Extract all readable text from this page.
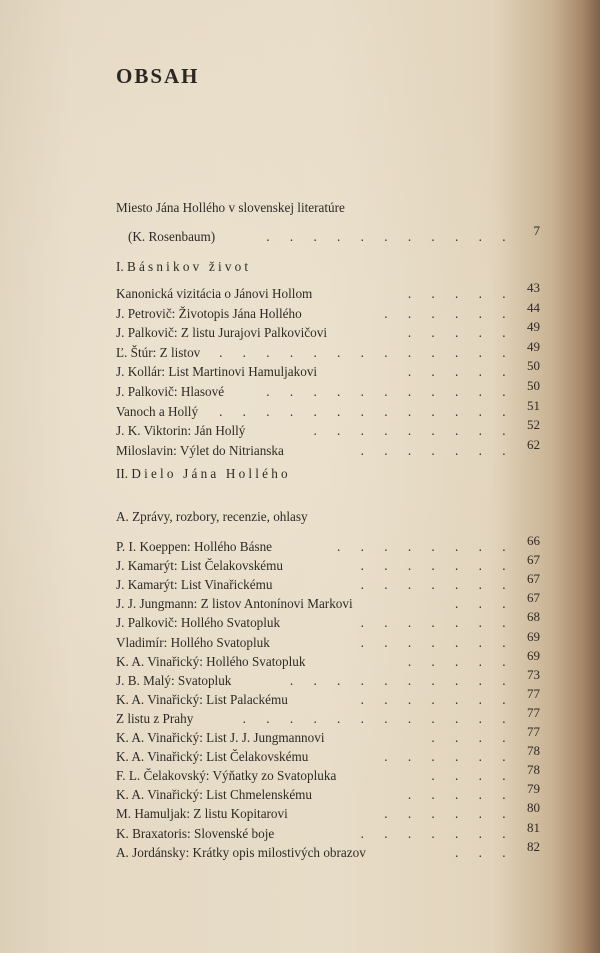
OBSAH
Miesto Jána Hollého v slovenskej literatúre
(K. Rosenbaum)	. . . . . . . . . . . 7
I. Básnikov život
Kanonická vizitácia o Jánovi Hollom	. . . . . 43
J. Petrovič: Životopis Jána Hollého	. . . . . . 44
J. Palkovič: Z listu Jurajovi Palkovičovi	. . . . . 49
Ľ. Štúr: Z listov . . . . . . . . . . . . . 49
J. Kollár: List Martinovi Hamuljakovi	. . . . . 50
J. Palkovič: Hlasové	. . . . . . . . . . . 50
Vanoch a Hollý . . . . . . . . . . . . . 51
J. K. Viktorin: Ján Hollý	. . . . . . . . . 52
Miloslavin: Výlet do Nitrianska	. . . . . . . 62
II. Dielo Jána Hollého
A. Zprávy, rozbory, recenzie, ohlasy
P. I. Koeppen: Hollého Básne	. . . . . . . . 66
J. Kamarýt: List Čelakovskému	. . . . . . . 67
J. Kamarýt: List Vinařickému	. . . . . . . 67
J. J. Jungmann: Z listov Antonínovi Markovi	. . . 67
J. Palkovič: Hollého Svatopluk	. . . . . . . 68
Vladimír: Hollého Svatopluk	. . . . . . . 69
K. A. Vinařický: Hollého Svatopluk	. . . . . 69
J. B. Malý: Svatopluk	. . . . . . . . . . 73
K. A. Vinařický: List Palackému	. . . . . . . 77
Z listu z Prahy	. . . . . . . . . . . . 77
K. A. Vinařický: List J. J. Jungmannovi	. . . . 77
K. A. Vinařický: List Čelakovskému	. . . . . . 78
F. L. Čelakovský: Výňatky zo Svatopluka	. . . . 78
K. A. Vinařický: List Chmelenskému	. . . . . 79
M. Hamuljak: Z listu Kopitarovi	. . . . . . 80
K. Braxatoris: Slovenské boje	. . . . . . . 81
A. Jordánsky: Krátky opis milostivých obrazov	. . . 82
